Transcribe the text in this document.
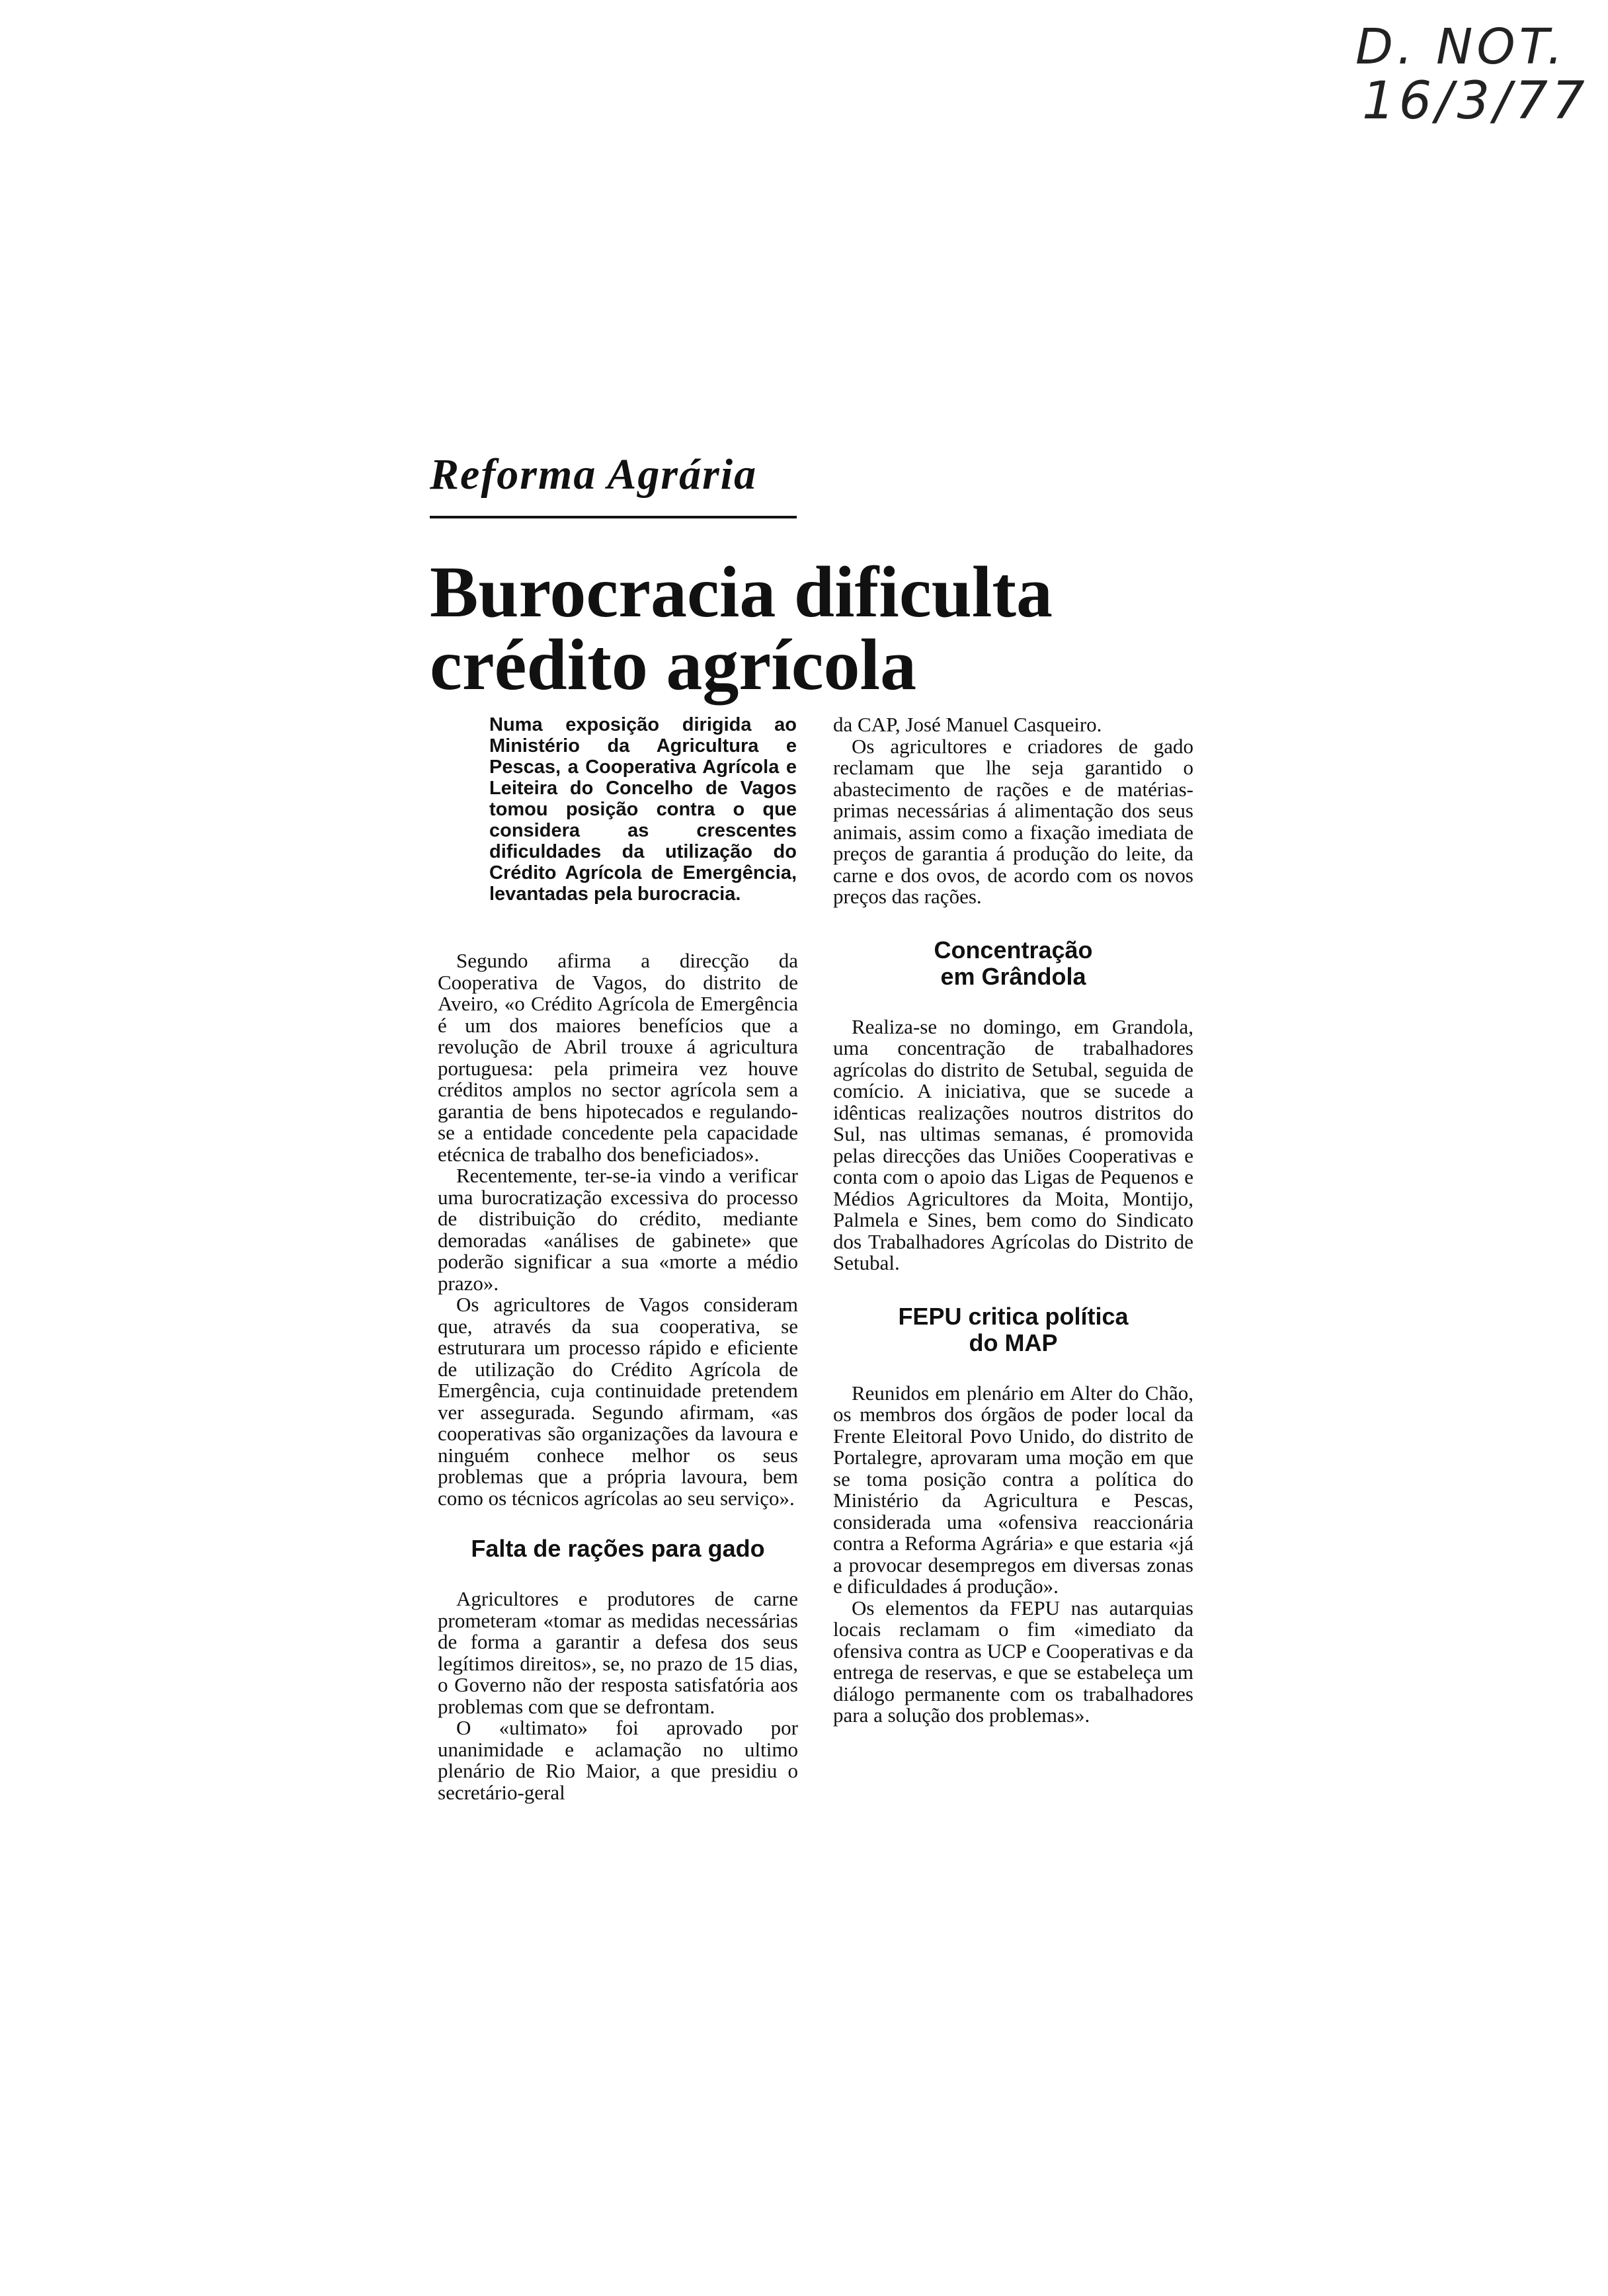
D. NOT.
16/3/77
Reforma Agrária
Burocracia dificulta
crédito agrícola
Numa exposição dirigida ao Ministério da Agricultura e Pescas, a Cooperativa Agrícola e Leiteira do Concelho de Vagos tomou posição contra o que considera as crescentes dificuldades da utilização do Crédito Agrícola de Emergência, levantadas pela burocracia.

Segundo afirma a direcção da Cooperativa de Vagos, do distrito de Aveiro, «o Crédito Agrícola de Emergência é um dos maiores benefícios que a revolução de Abril trouxe á agricultura portuguesa: pela primeira vez houve créditos amplos no sector agrícola sem a garantia de bens hipotecados e regulando-se a entidade concedente pela capacidade etécnica de trabalho dos beneficiados».

Recentemente, ter-se-ia vindo a verificar uma burocratização excessiva do processo de distribuição do crédito, mediante demoradas «análises de gabinete» que poderão significar a sua «morte a médio prazo».

Os agricultores de Vagos consideram que, através da sua cooperativa, se estruturara um processo rápido e eficiente de utilização do Crédito Agrícola de Emergência, cuja continuidade pretendem ver assegurada. Segundo afirmam, «as cooperativas são organizações da lavoura e ninguém conhece melhor os seus problemas que a própria lavoura, bem como os técnicos agrícolas ao seu serviço».

Falta de rações para gado

Agricultores e produtores de carne prometeram «tomar as medidas necessárias de forma a garantir a defesa dos seus legítimos direitos», se, no prazo de 15 dias, o Governo não der resposta satisfatória aos problemas com que se defrontam.

O «ultimato» foi aprovado por unanimidade e aclamação no ultimo plenário de Rio Maior, a que presidiu o secretário-geral

da CAP, José Manuel Casqueiro.

Os agricultores e criadores de gado reclamam que lhe seja garantido o abastecimento de rações e de matérias-primas necessárias á alimentação dos seus animais, assim como a fixação imediata de preços de garantia á produção do leite, da carne e dos ovos, de acordo com os novos preços das rações.

Concentração
em Grândola

Realiza-se no domingo, em Grandola, uma concentração de trabalhadores agrícolas do distrito de Setubal, seguida de comício. A iniciativa, que se sucede a idênticas realizações noutros distritos do Sul, nas ultimas semanas, é promovida pelas direcções das Uniões Cooperativas e conta com o apoio das Ligas de Pequenos e Médios Agricultores da Moita, Montijo, Palmela e Sines, bem como do Sindicato dos Trabalhadores Agrícolas do Distrito de Setubal.

FEPU critica política
do MAP

Reunidos em plenário em Alter do Chão, os membros dos órgãos de poder local da Frente Eleitoral Povo Unido, do distrito de Portalegre, aprovaram uma moção em que se toma posição contra a política do Ministério da Agricultura e Pescas, considerada uma «ofensiva reaccionária contra a Reforma Agrária» e que estaria «já a provocar desempregos em diversas zonas e dificuldades á produção».

Os elementos da FEPU nas autarquias locais reclamam o fim «imediato da ofensiva contra as UCP e Cooperativas e da entrega de reservas, e que se estabeleça um diálogo permanente com os trabalhadores para a solução dos problemas».
